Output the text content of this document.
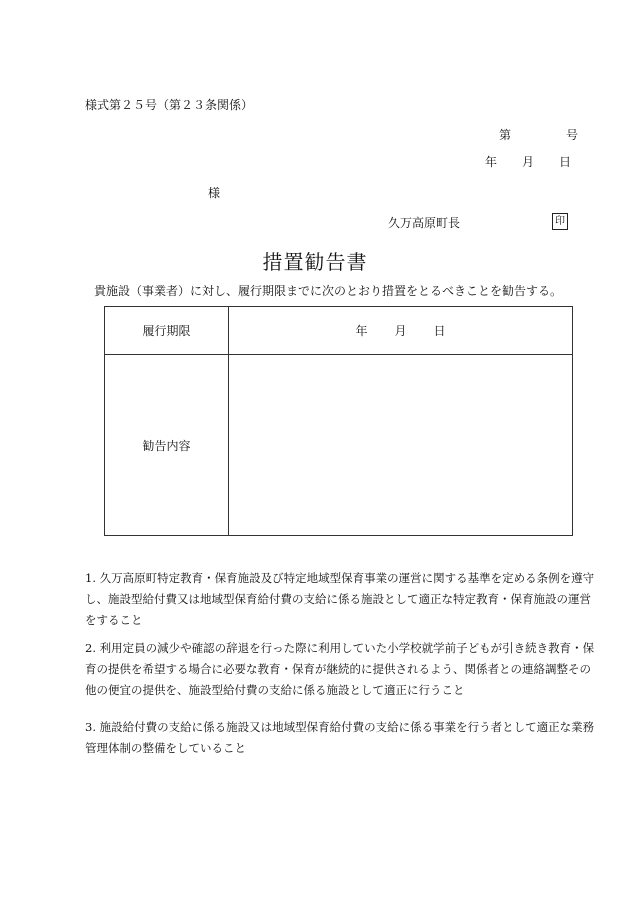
様式第２５号（第２３条関係）
第	号
年 月 日
様
久万高原町長	印
措置勧告書
貴施設（事業者）に対し、履行期限までに次のとおり措置をとるべきことを勧告する。
履行期限	年 月 日
勧告内容	
1. 久万高原町特定教育・保育施設及び特定地域型保育事業の運営に関する基準を定める条例を遵守し、施設型給付費又は地域型保育給付費の支給に係る施設として適正な特定教育・保育施設の運営をすること
2. 利用定員の減少や確認の辞退を行った際に利用していた小学校就学前子どもが引き続き教育・保育の提供を希望する場合に必要な教育・保育が継続的に提供されるよう、関係者との連絡調整その他の便宜の提供を、施設型給付費の支給に係る施設として適正に行うこと
3. 施設給付費の支給に係る施設又は地域型保育給付費の支給に係る事業を行う者として適正な業務管理体制の整備をしていること
